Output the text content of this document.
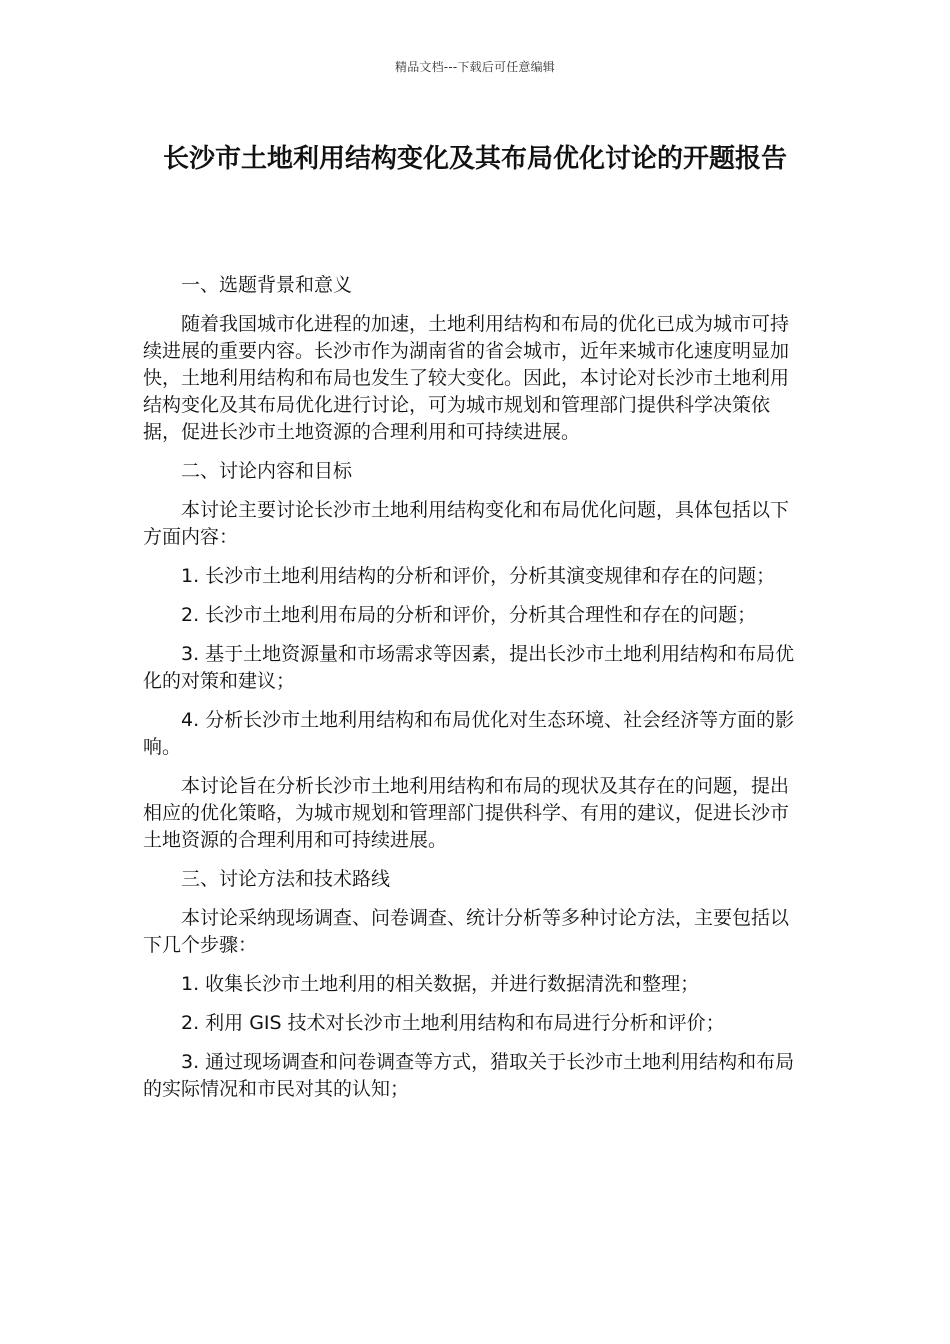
精品文档---下载后可任意编辑
长沙市土地利用结构变化及其布局优化讨论的开题报告

一、选题背景和意义

随着我国城市化进程的加速，土地利用结构和布局的优化已成为城市可持续进展的重要内容。长沙市作为湖南省的省会城市，近年来城市化速度明显加快，土地利用结构和布局也发生了较大变化。因此，本讨论对长沙市土地利用结构变化及其布局优化进行讨论，可为城市规划和管理部门提供科学决策依据，促进长沙市土地资源的合理利用和可持续进展。

二、讨论内容和目标

本讨论主要讨论长沙市土地利用结构变化和布局优化问题，具体包括以下方面内容：

1. 长沙市土地利用结构的分析和评价，分析其演变规律和存在的问题；

2. 长沙市土地利用布局的分析和评价，分析其合理性和存在的问题；

3. 基于土地资源量和市场需求等因素，提出长沙市土地利用结构和布局优化的对策和建议；

4. 分析长沙市土地利用结构和布局优化对生态环境、社会经济等方面的影响。

本讨论旨在分析长沙市土地利用结构和布局的现状及其存在的问题，提出相应的优化策略，为城市规划和管理部门提供科学、有用的建议，促进长沙市土地资源的合理利用和可持续进展。

三、讨论方法和技术路线

本讨论采纳现场调查、问卷调查、统计分析等多种讨论方法，主要包括以下几个步骤：

1. 收集长沙市土地利用的相关数据，并进行数据清洗和整理；

2. 利用 GIS 技术对长沙市土地利用结构和布局进行分析和评价；

3. 通过现场调查和问卷调查等方式，猎取关于长沙市土地利用结构和布局的实际情况和市民对其的认知；
